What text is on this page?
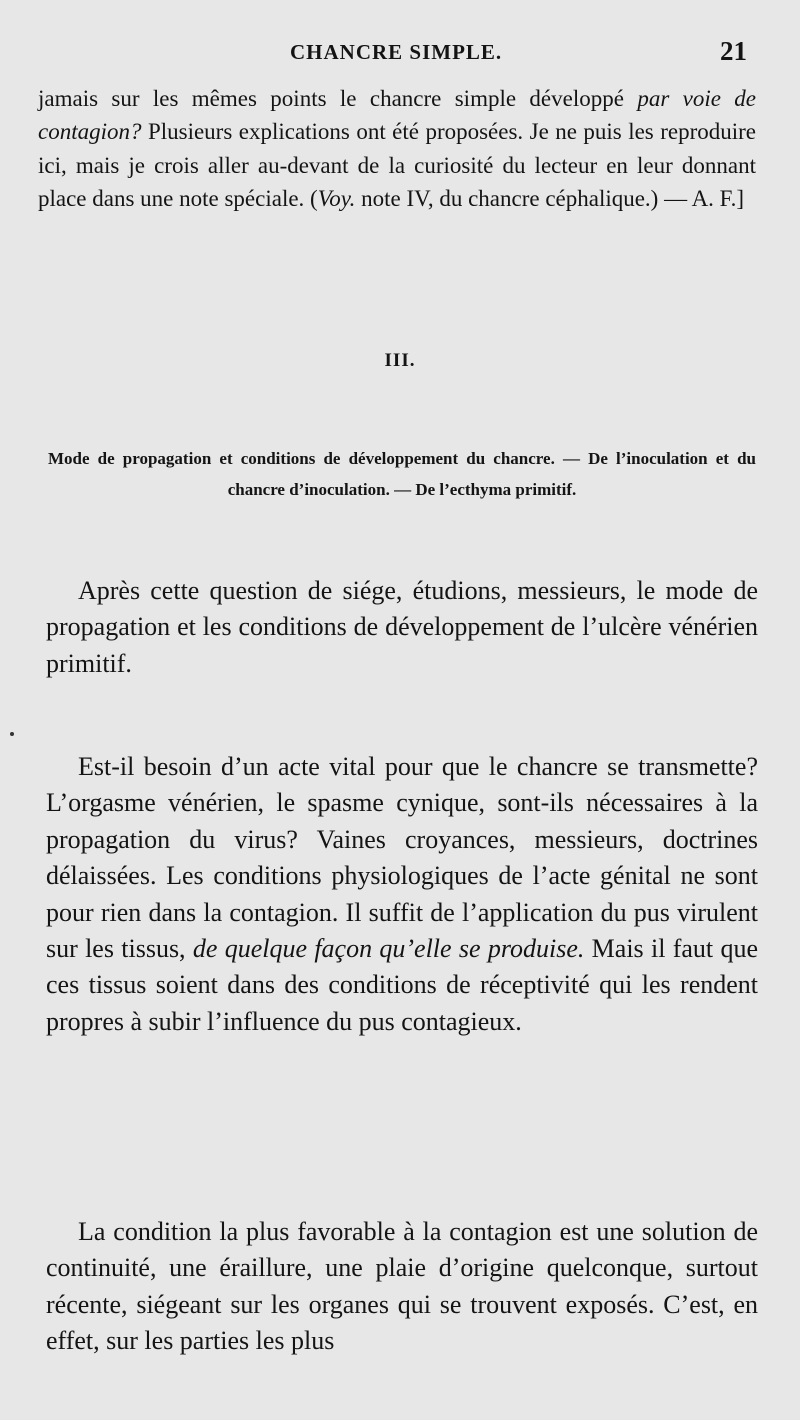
CHANCRE SIMPLE.	21

jamais sur les mêmes points le chancre simple développé par voie de contagion? Plusieurs explications ont été proposées. Je ne puis les reproduire ici, mais je crois aller au-devant de la curiosité du lecteur en leur donnant place dans une note spéciale. (Voy. note IV, du chancre céphalique.) — A. F.]

III.

Mode de propagation et conditions de développement du chancre. — De l’inoculation et du chancre d’inoculation. — De l’ecthyma primitif.

Après cette question de siége, étudions, messieurs, le mode de propagation et les conditions de développement de l’ulcère vénérien primitif.

Est-il besoin d’un acte vital pour que le chancre se transmette? L’orgasme vénérien, le spasme cynique, sont-ils nécessaires à la propagation du virus? Vaines croyances, messieurs, doctrines délaissées. Les conditions physiologiques de l’acte génital ne sont pour rien dans la contagion. Il suffit de l’application du pus virulent sur les tissus, de quelque façon qu’elle se produise. Mais il faut que ces tissus soient dans des conditions de réceptivité qui les rendent propres à subir l’influence du pus contagieux.

La condition la plus favorable à la contagion est une solution de continuité, une éraillure, une plaie d’origine quelconque, surtout récente, siégeant sur les organes qui se trouvent exposés. C’est, en effet, sur les parties les plus
